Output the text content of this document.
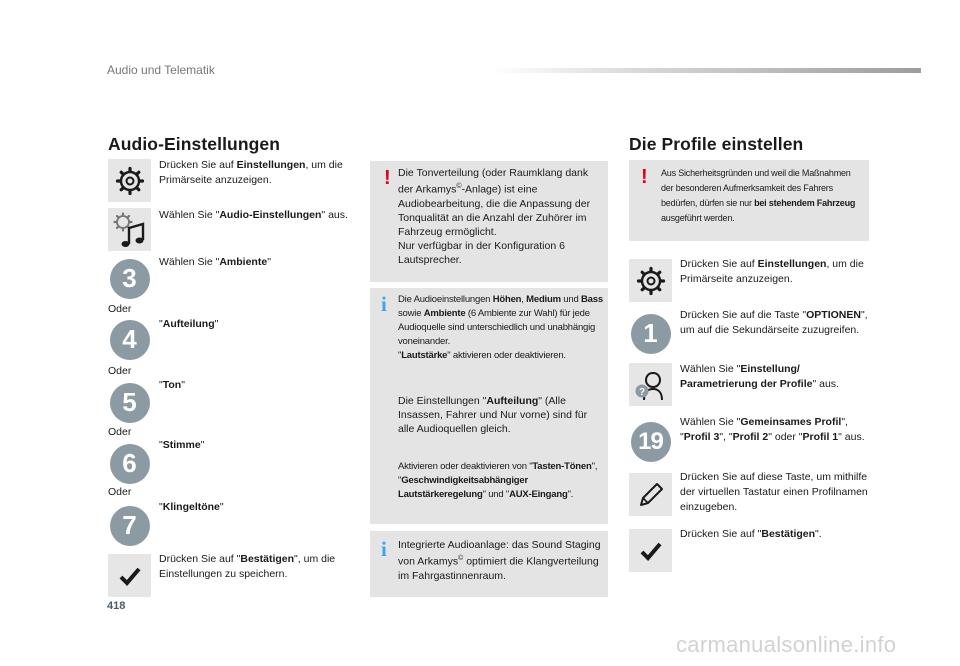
Audio und Telematik
Audio-Einstellungen
Drücken Sie auf Einstellungen, um die Primärseite anzuzeigen.
Wählen Sie "Audio-Einstellungen" aus.
3
Wählen Sie "Ambiente"
Oder
4	"Aufteilung"
Oder
5
"Ton"
Oder
6
"Stimme"
Oder
7
"Klingeltöne"
Drücken Sie auf "Bestätigen", um die Einstellungen zu speichern.
! Die Tonverteilung (oder Raumklang dank der Arkamys©-Anlage) ist eine Audiobearbeitung, die die Anpassung der Tonqualität an die Anzahl der Zuhörer im Fahrzeug ermöglicht.
Nur verfügbar in der Konfiguration 6 Lautsprecher.
i Die Audioeinstellungen Höhen, Medium und Bass sowie Ambiente (6 Ambiente zur Wahl) für jede Audioquelle sind unterschiedlich und unabhängig voneinander.
"Lautstärke" aktivieren oder deaktivieren.
Die Einstellungen "Aufteilung" (Alle Insassen, Fahrer und Nur vorne) sind für alle Audioquellen gleich.
Aktivieren oder deaktivieren von "Tasten-Tönen", "Geschwindigkeitsabhängiger Lautstärkeregelung" und "AUX-Eingang".
i Integrierte Audioanlage: das Sound Staging von Arkamys© optimiert die Klangverteilung im Fahrgastinnenraum.
Die Profile einstellen
! Aus Sicherheitsgründen und weil die Maßnahmen der besonderen Aufmerksamkeit des Fahrers bedürfen, dürfen sie nur bei stehendem Fahrzeug ausgeführt werden.
Drücken Sie auf Einstellungen, um die Primärseite anzuzeigen.
1
Drücken Sie auf die Taste "OPTIONEN", um auf die Sekundärseite zuzugreifen.
?
Wählen Sie "Einstellung/ Parametrierung der Profile" aus.
19
Wählen Sie "Gemeinsames Profil", "Profil 3", "Profil 2" oder "Profil 1" aus.
Drücken Sie auf diese Taste, um mithilfe der virtuellen Tastatur einen Profilnamen einzugeben.
Drücken Sie auf "Bestätigen".
418
carmanualsonline.info
